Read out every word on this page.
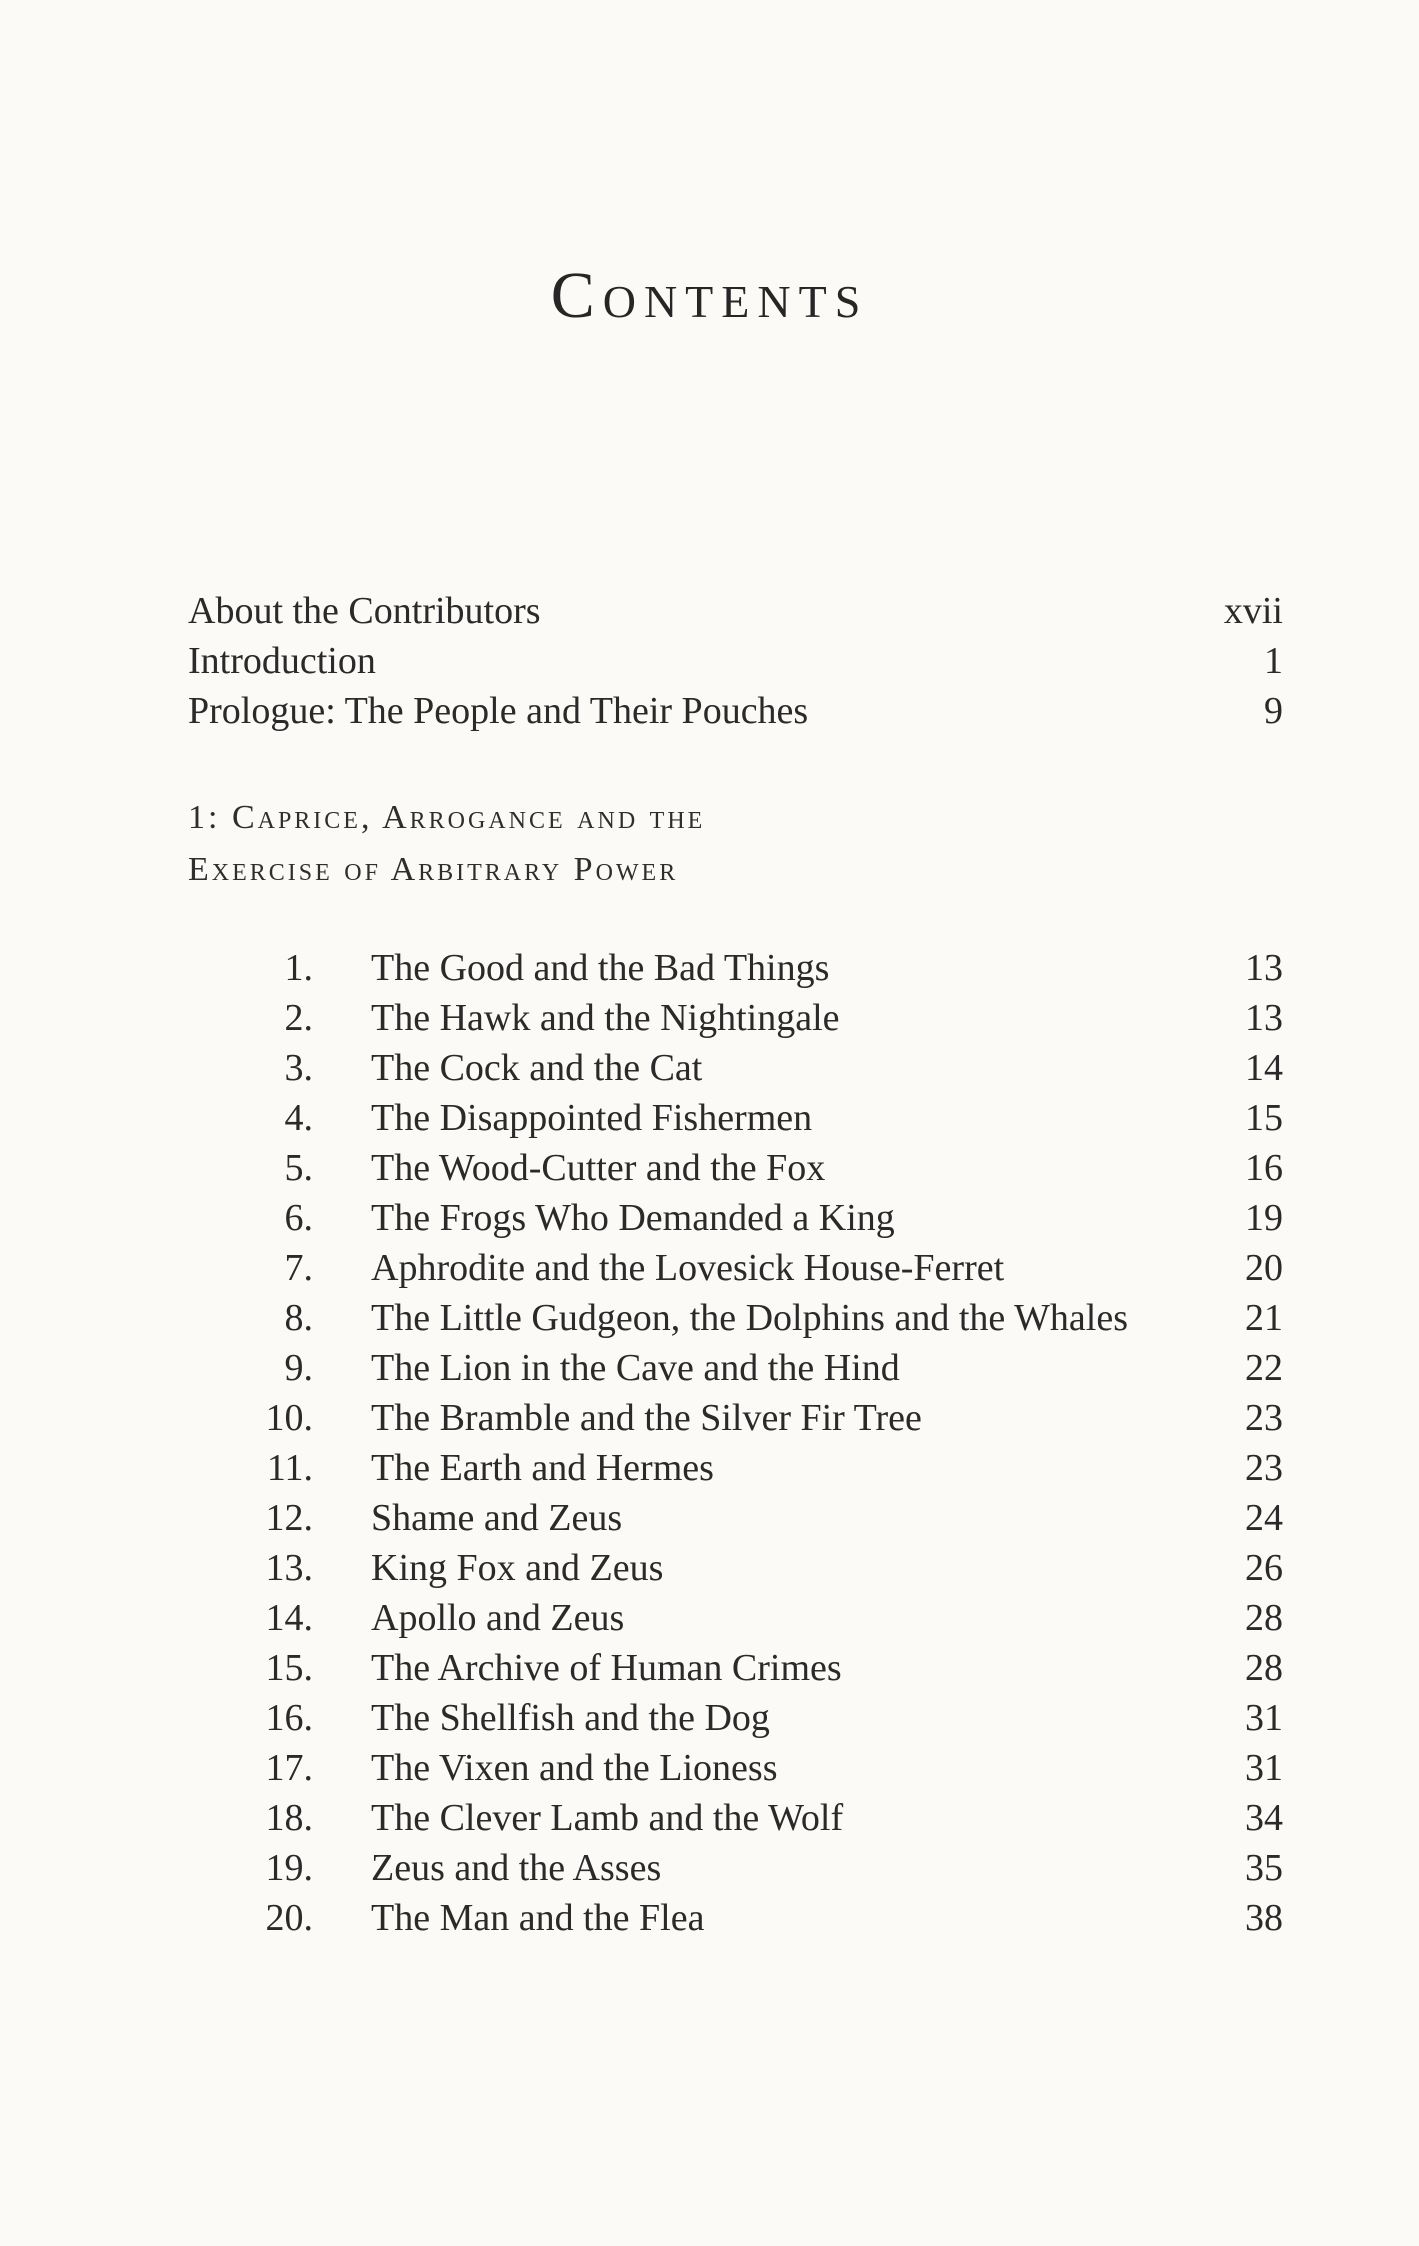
Contents
About the Contributors	xvii
Introduction	1
Prologue: The People and Their Pouches	9
1: Caprice, Arrogance and the
Exercise of Arbitrary Power
1. The Good and the Bad Things	13
2. The Hawk and the Nightingale	13
3. The Cock and the Cat	14
4. The Disappointed Fishermen	15
5. The Wood-Cutter and the Fox	16
6. The Frogs Who Demanded a King	19
7. Aphrodite and the Lovesick House-Ferret	20
8. The Little Gudgeon, the Dolphins and the Whales	21
9. The Lion in the Cave and the Hind	22
10. The Bramble and the Silver Fir Tree	23
11. The Earth and Hermes	23
12. Shame and Zeus	24
13. King Fox and Zeus	26
14. Apollo and Zeus	28
15. The Archive of Human Crimes	28
16. The Shellfish and the Dog	31
17. The Vixen and the Lioness	31
18. The Clever Lamb and the Wolf	34
19. Zeus and the Asses	35
20. The Man and the Flea	38
